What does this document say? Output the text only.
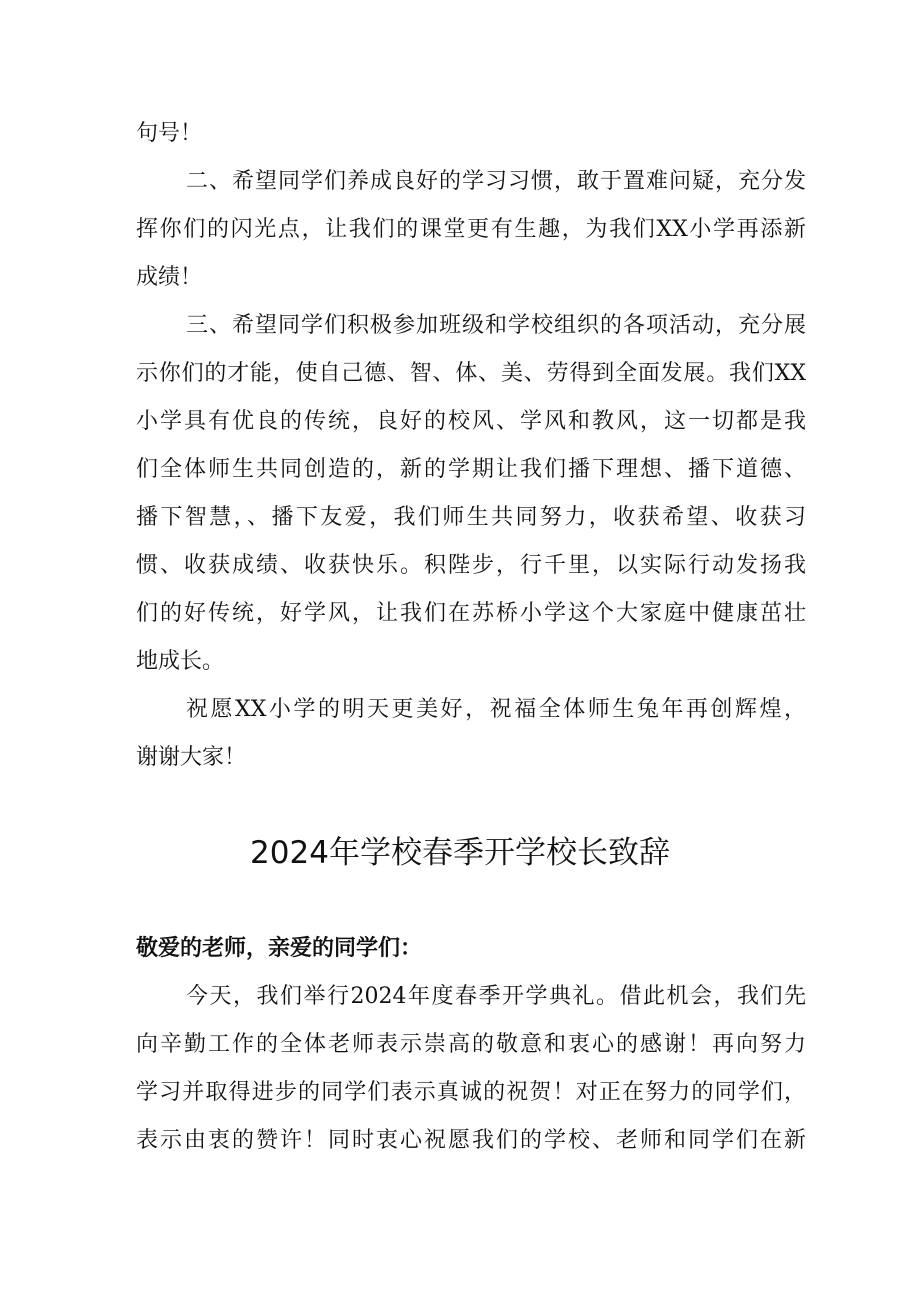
句号！
二、希望同学们养成良好的学习习惯，敢于置难问疑，充分发
挥你们的闪光点，让我们的课堂更有生趣，为我们XX小学再添新
成绩！
三、希望同学们积极参加班级和学校组织的各项活动，充分展
示你们的才能，使自己德、智、体、美、劳得到全面发展。我们XX
小学具有优良的传统，良好的校风、学风和教风，这一切都是我
们全体师生共同创造的，新的学期让我们播下理想、播下道德、
播下智慧，、播下友爱，我们师生共同努力，收获希望、收获习
惯、收获成绩、收获快乐。积陛步，行千里，以实际行动发扬我
们的好传统，好学风，让我们在苏桥小学这个大家庭中健康茁壮
地成长。
祝愿XX小学的明天更美好，祝福全体师生兔年再创辉煌，
谢谢大家！
2024年学校春季开学校长致辞
敬爱的老师，亲爱的同学们：
今天，我们举行2024年度春季开学典礼。借此机会，我们先
向辛勤工作的全体老师表示崇高的敬意和衷心的感谢！再向努力
学习并取得进步的同学们表示真诚的祝贺！对正在努力的同学们，
表示由衷的赞许！同时衷心祝愿我们的学校、老师和同学们在新
